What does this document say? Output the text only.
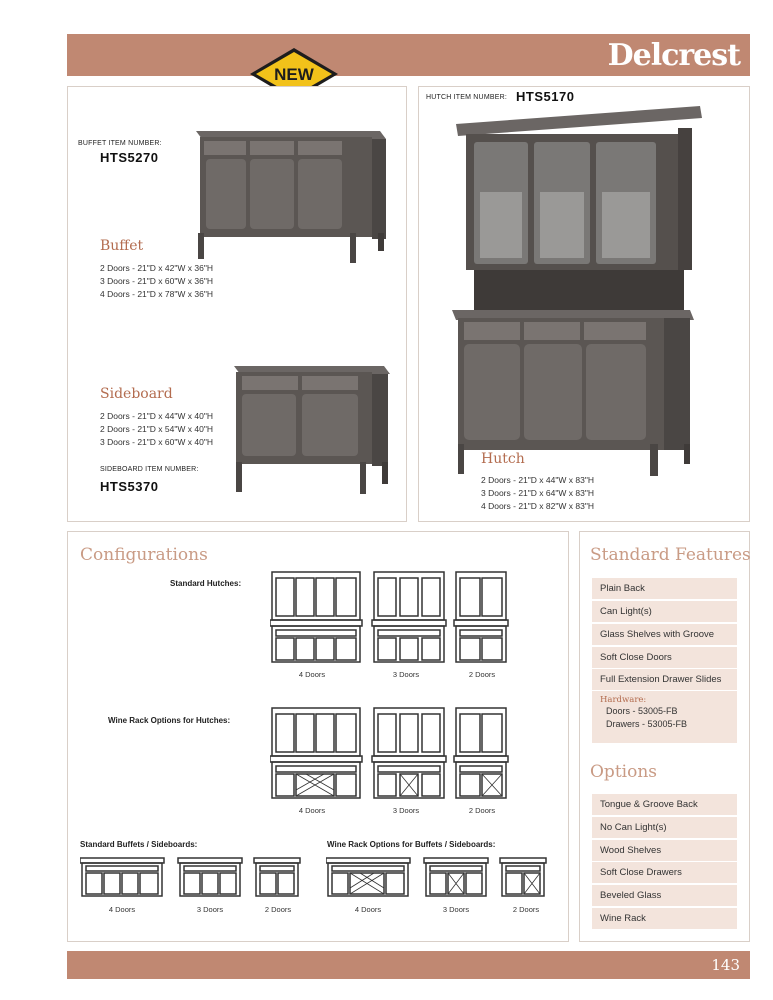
Delcrest
NEW
BUFFET ITEM NUMBER:
HTS5270
Buffet
2 Doors - 21"D x 42"W x 36"H
3 Doors - 21"D x 60"W x 36"H
4 Doors - 21"D x 78"W x 36"H
Sideboard
2 Doors - 21"D x 44"W x 40"H
2 Doors - 21"D x 54"W x 40"H
3 Doors - 21"D x 60"W x 40"H
SIDEBOARD ITEM NUMBER:
HTS5370
HUTCH ITEM NUMBER: HTS5170
Hutch
2 Doors - 21"D x 44"W x 83"H
3 Doors - 21"D x 64"W x 83"H
4 Doors - 21"D x 82"W x 83"H
Configurations
Standard Hutches:
Wine Rack Options for Hutches:
Standard Buffets / Sideboards:	Wine Rack Options for Buffets / Sideboards:
4 Doors	3 Doors	2 Doors
4 Doors	3 Doors	2 Doors
4 Doors	3 Doors	2 Doors	4 Doors	3 Doors	2 Doors
Standard Features
Plain Back
Can Light(s)
Glass Shelves with Groove
Soft Close Doors
Full Extension Drawer Slides
Hardware:
Doors - 53005-FB
Drawers - 53005-FB
Options
Tongue & Groove Back
No Can Light(s)
Wood Shelves
Soft Close Drawers
Beveled Glass
Wine Rack
143
